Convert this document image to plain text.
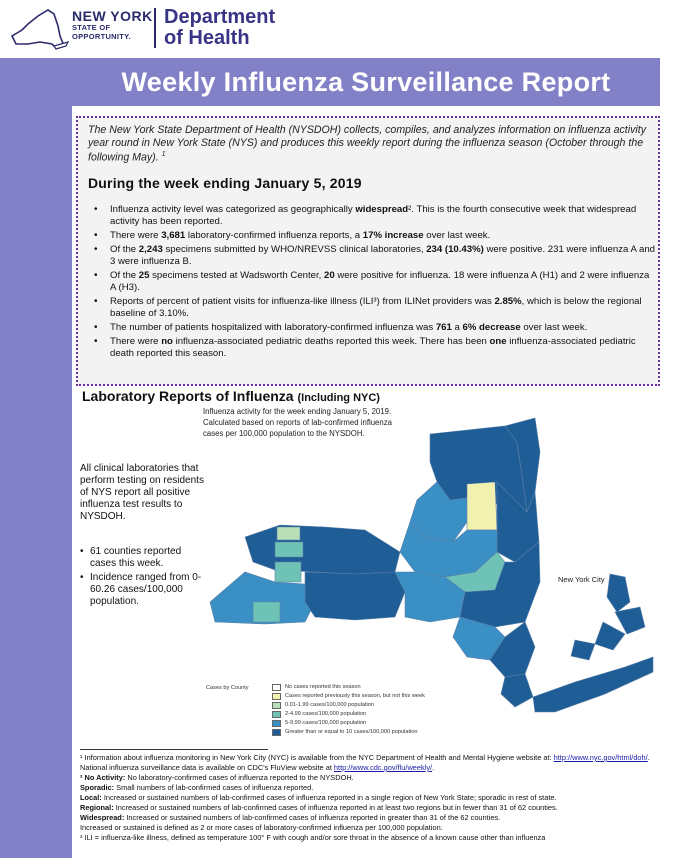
NEW YORK
STATE OF
OPPORTUNITY.
Department
of Health
Weekly Influenza Surveillance Report
The New York State Department of Health (NYSDOH) collects, compiles, and analyzes information on influenza activity year round in New York State (NYS) and produces this weekly report during the influenza season (October through the following May). $^1$
During the week ending January 5, 2019
• Influenza activity level was categorized as geographically widespread². This is the fourth consecutive week that widespread activity has been reported.
• There were 3,681 laboratory-confirmed influenza reports, a 17% increase over last week.
• Of the 2,243 specimens submitted by WHO/NREVSS clinical laboratories, 234 (10.43%) were positive. 231 were influenza A and 3 were influenza B.
• Of the 25 specimens tested at Wadsworth Center, 20 were positive for influenza. 18 were influenza A (H1) and 2 were influenza A (H3).
• Reports of percent of patient visits for influenza-like illness (ILI³) from ILINet providers was 2.85%, which is below the regional baseline of 3.10%.
• The number of patients hospitalized with laboratory-confirmed influenza was 761 a 6% decrease over last week.
• There were no influenza-associated pediatric deaths reported this week. There has been one influenza-associated pediatric death reported this season.
Laboratory Reports of Influenza (Including NYC)
All clinical laboratories that perform testing on residents of NYS report all positive influenza test results to NYSDOH.
• 61 counties reported cases this week.
• Incidence ranged from 0-60.26 cases/100,000 population.
Influenza activity for the week ending January 5, 2019.
Calculated based on reports of lab-confirmed influenza
cases per 100,000 population to the NYSDOH.
New York City
Cases by County	No cases reported this season
Cases reported previously this season, but not this week
0.01-1.99 cases/100,000 population
2-4.99 cases/100,000 population
5-9.99 cases/100,000 population
Greater than or equal to 10 cases/100,000 population

¹ Information about influenza monitoring in New York City (NYC) is available from the NYC Department of Health and Mental Hygiene website at: http://www.nyc.gov/html/doh/. National influenza surveillance data is available on CDC's FluView website at http://www.cdc.gov/flu/weekly/.

² No Activity: No laboratory-confirmed cases of influenza reported to the NYSDOH.

Sporadic: Small numbers of lab-confirmed cases of influenza reported.

Local: Increased or sustained numbers of lab-confirmed cases of influenza reported in a single region of New York State; sporadic in rest of state.

Regional: Increased or sustained numbers of lab-confirmed cases of influenza reported in at least two regions but in fewer than 31 of 62 counties.

Widespread: Increased or sustained numbers of lab-confirmed cases of influenza reported in greater than 31 of the 62 counties.

Increased or sustained is defined as 2 or more cases of laboratory-confirmed influenza per 100,000 population.

³ ILI = influenza-like illness, defined as temperature 100° F with cough and/or sore throat in the absence of a known cause other than influenza
